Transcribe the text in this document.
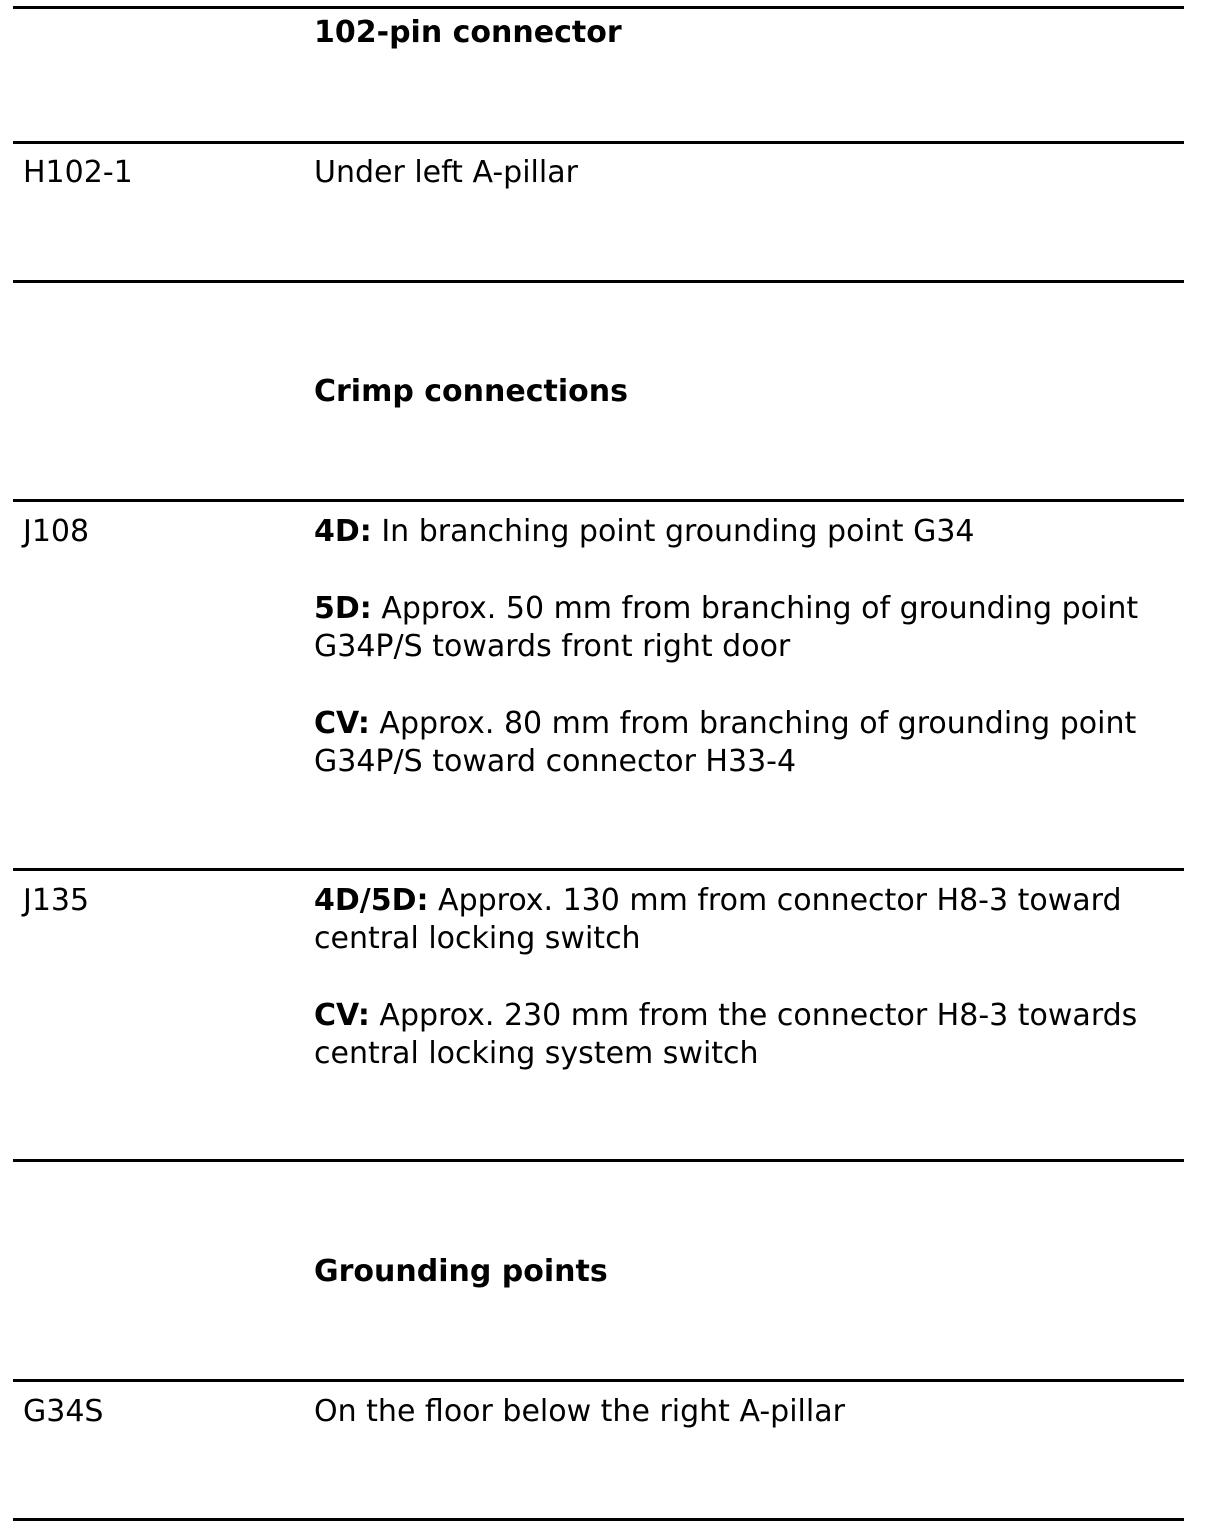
102-pin connector
H102-1	Under left A-pillar
Crimp connections
J108	4D: In branching point grounding point G34

5D: Approx. 50 mm from branching of grounding point G34P/S towards front right door

CV: Approx. 80 mm from branching of grounding point G34P/S toward connector H33-4

J135	4D/5D: Approx. 130 mm from connector H8-3 toward central locking switch

CV: Approx. 230 mm from the connector H8-3 towards central locking system switch

Grounding points
G34S	On the floor below the right A-pillar
